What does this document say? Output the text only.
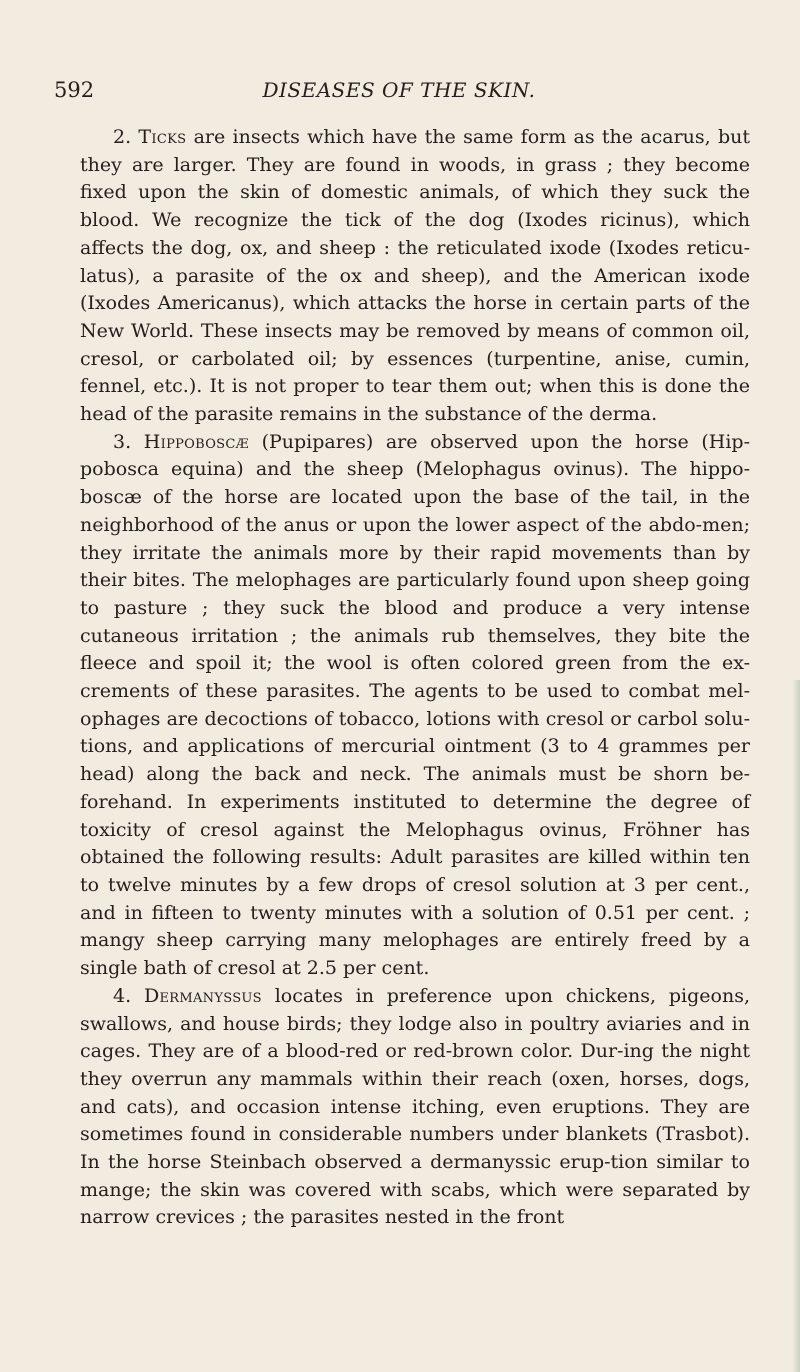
592	DISEASES OF THE SKIN.

2. Ticks are insects which have the same form as the acarus, but they are larger. They are found in woods, in grass ; they become fixed upon the skin of domestic animals, of which they suck the blood. We recognize the tick of the dog (Ixodes ricinus), which affects the dog, ox, and sheep : the reticulated ixode (Ixodes reticu-latus), a parasite of the ox and sheep), and the American ixode (Ixodes Americanus), which attacks the horse in certain parts of the New World. These insects may be removed by means of common oil, cresol, or carbolated oil; by essences (turpentine, anise, cumin, fennel, etc.). It is not proper to tear them out; when this is done the head of the parasite remains in the substance of the derma.

3. Hippoboscæ (Pupipares) are observed upon the horse (Hip-pobosca equina) and the sheep (Melophagus ovinus). The hippo-boscæ of the horse are located upon the base of the tail, in the neighborhood of the anus or upon the lower aspect of the abdo-men; they irritate the animals more by their rapid movements than by their bites. The melophages are particularly found upon sheep going to pasture ; they suck the blood and produce a very intense cutaneous irritation ; the animals rub themselves, they bite the fleece and spoil it; the wool is often colored green from the ex-crements of these parasites. The agents to be used to combat mel-ophages are decoctions of tobacco, lotions with cresol or carbol solu-tions, and applications of mercurial ointment (3 to 4 grammes per head) along the back and neck. The animals must be shorn be-forehand. In experiments instituted to determine the degree of toxicity of cresol against the Melophagus ovinus, Fröhner has obtained the following results: Adult parasites are killed within ten to twelve minutes by a few drops of cresol solution at 3 per cent., and in fifteen to twenty minutes with a solution of 0.51 per cent. ; mangy sheep carrying many melophages are entirely freed by a single bath of cresol at 2.5 per cent.

4. Dermanyssus locates in preference upon chickens, pigeons, swallows, and house birds; they lodge also in poultry aviaries and in cages. They are of a blood-red or red-brown color. Dur-ing the night they overrun any mammals within their reach (oxen, horses, dogs, and cats), and occasion intense itching, even eruptions. They are sometimes found in considerable numbers under blankets (Trasbot). In the horse Steinbach observed a dermanyssic erup-tion similar to mange; the skin was covered with scabs, which were separated by narrow crevices ; the parasites nested in the front
